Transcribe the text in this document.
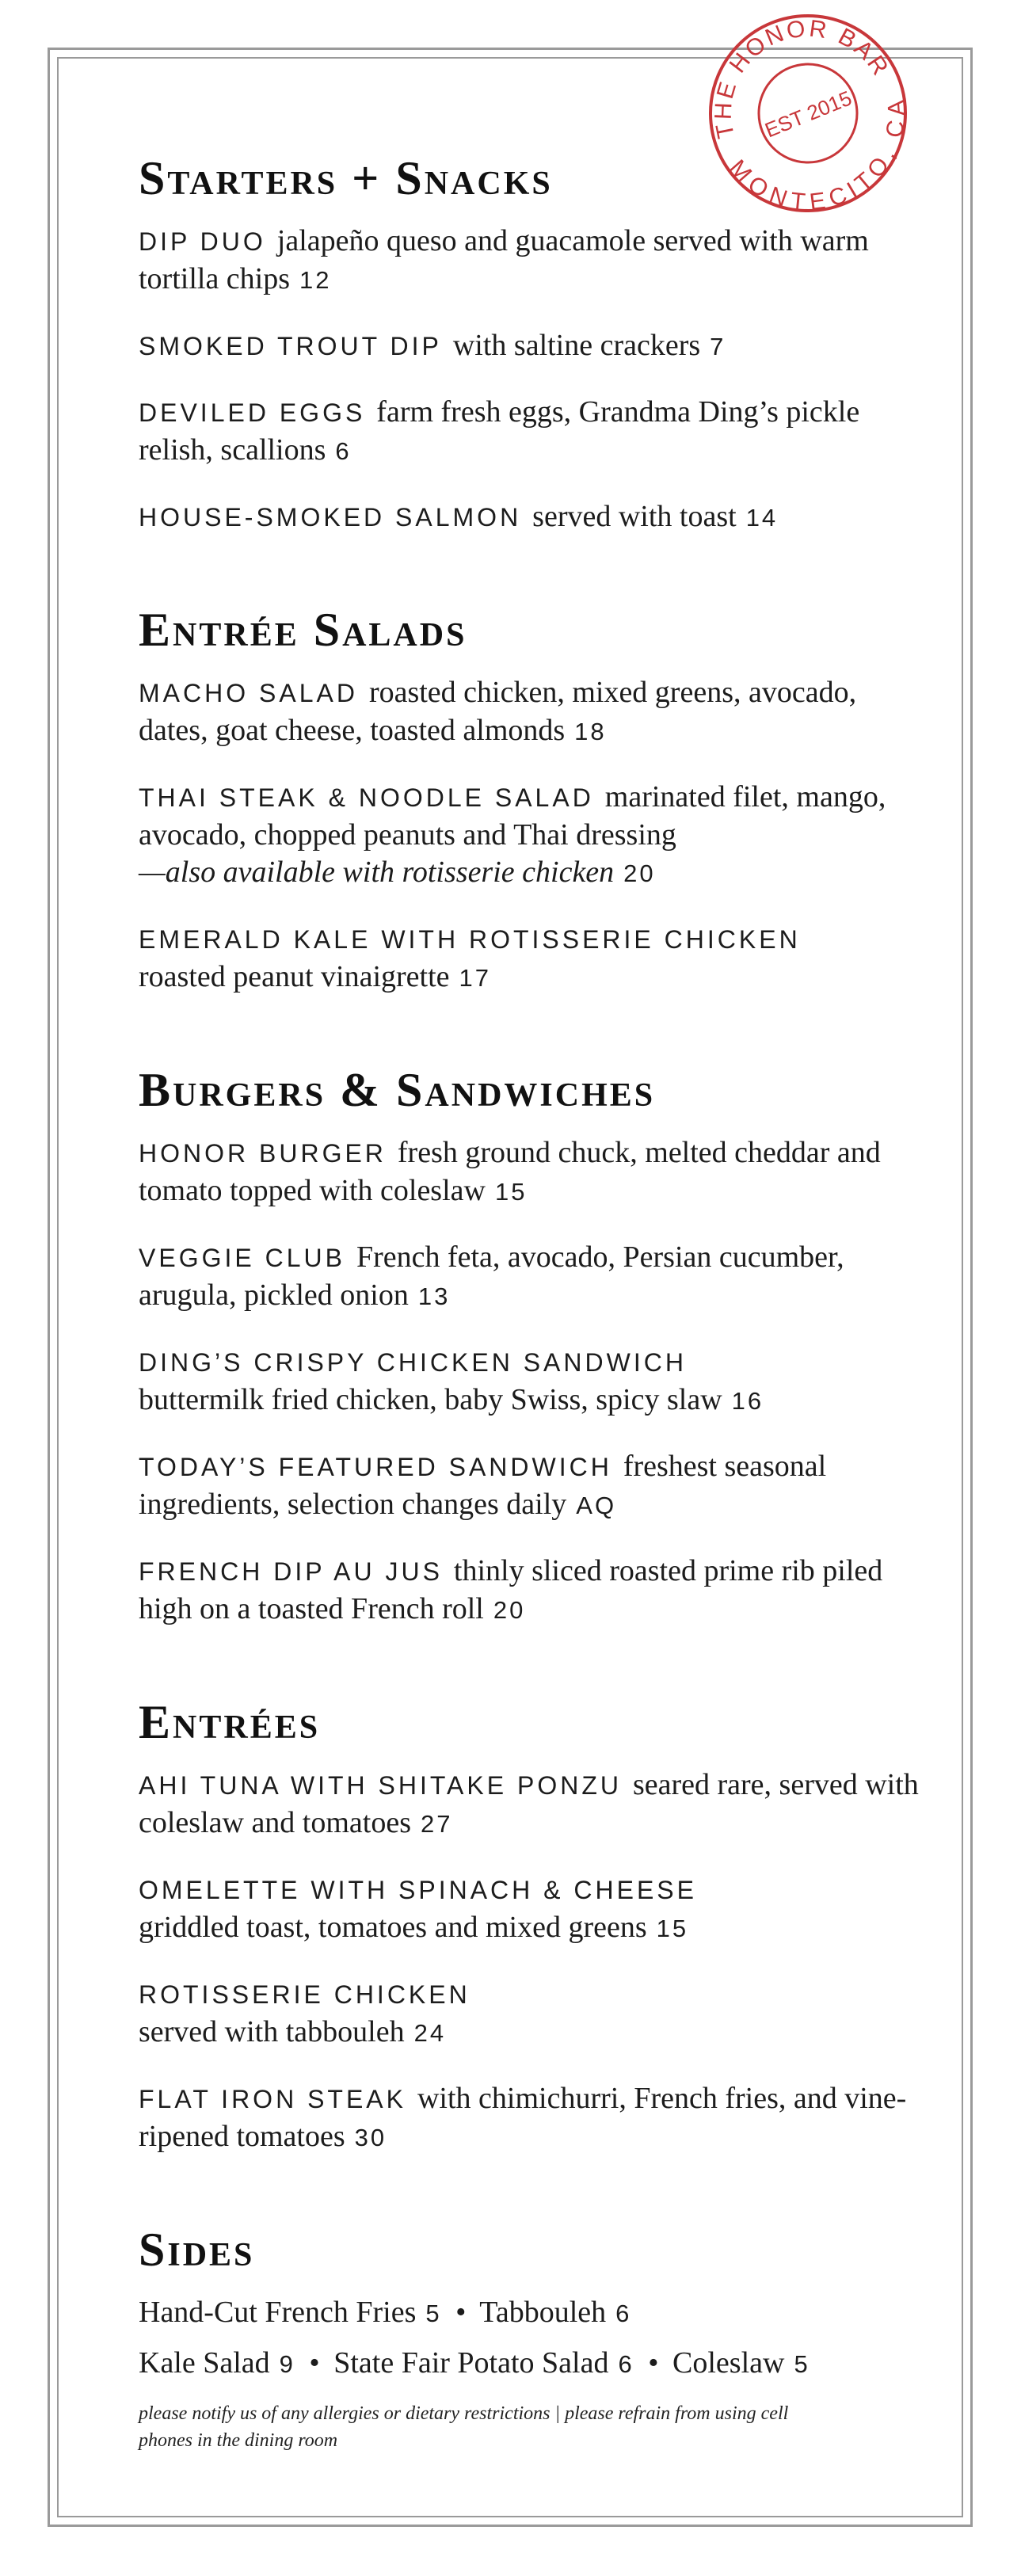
THE HONOR BAR
MONTECITO, CA
EST 2015
Starters + Snacks
DIP DUO jalapeño queso and guacamole served with warm tortilla chips 12
SMOKED TROUT DIP with saltine crackers 7
DEVILED EGGS farm fresh eggs, Grandma Ding’s pickle relish, scallions 6
HOUSE-SMOKED SALMON served with toast 14
Entrée Salads
MACHO SALAD roasted chicken, mixed greens, avocado, dates, goat cheese, toasted almonds 18
THAI STEAK & NOODLE SALAD marinated filet, mango, avocado, chopped peanuts and Thai dressing
—also available with rotisserie chicken 20
EMERALD KALE WITH ROTISSERIE CHICKEN
roasted peanut vinaigrette 17
Burgers & Sandwiches
HONOR BURGER fresh ground chuck, melted cheddar and tomato topped with coleslaw 15
VEGGIE CLUB French feta, avocado, Persian cucumber, arugula, pickled onion 13
DING’S CRISPY CHICKEN SANDWICH
buttermilk fried chicken, baby Swiss, spicy slaw 16
TODAY’S FEATURED SANDWICH freshest seasonal ingredients, selection changes daily AQ
FRENCH DIP AU JUS thinly sliced roasted prime rib piled high on a toasted French roll 20
Entrées
AHI TUNA WITH SHITAKE PONZU seared rare, served with coleslaw and tomatoes 27
OMELETTE WITH SPINACH & CHEESE
griddled toast, tomatoes and mixed greens 15
ROTISSERIE CHICKEN
served with tabbouleh 24
FLAT IRON STEAK with chimichurri, French fries, and vine-ripened tomatoes 30
Sides
Hand-Cut French Fries 5 • Tabbouleh 6
Kale Salad 9 • State Fair Potato Salad 6 • Coleslaw 5
please notify us of any allergies or dietary restrictions | please refrain from using cell phones in the dining room
